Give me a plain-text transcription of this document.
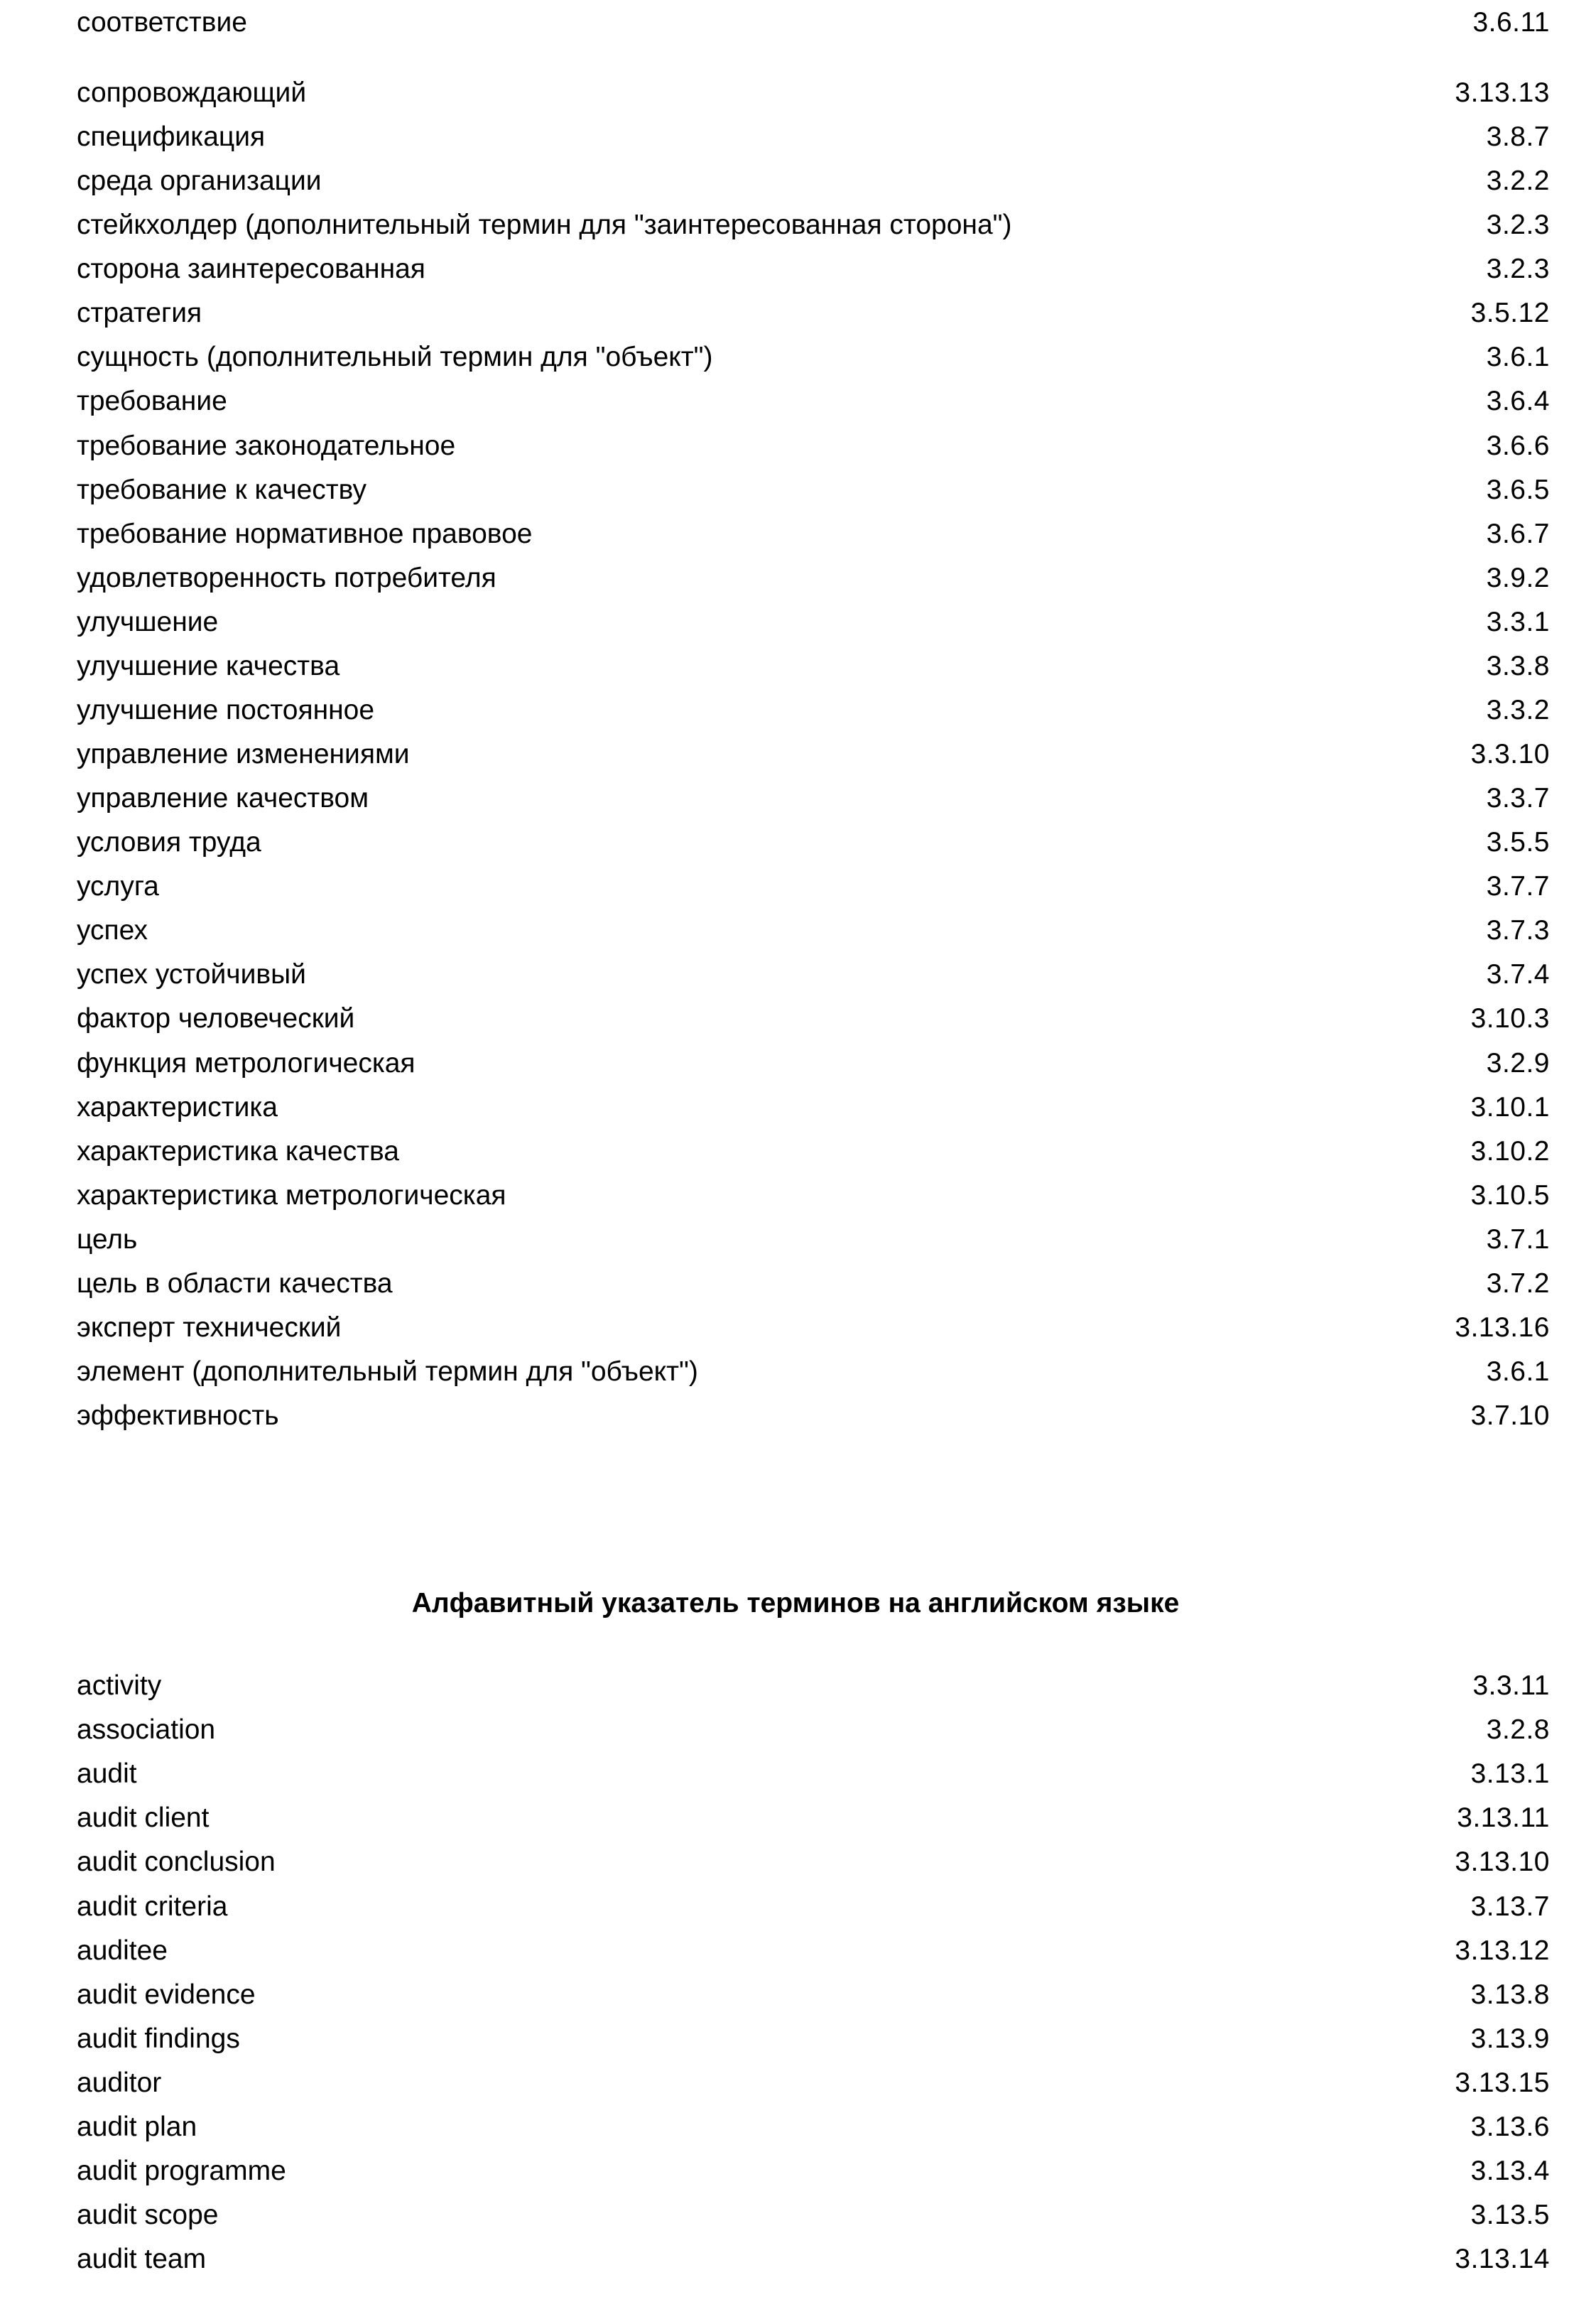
соответствие	3.6.11
сопровождающий	3.13.13
спецификация	3.8.7
среда организации	3.2.2
стейкхолдер (дополнительный термин для "заинтересованная сторона")	3.2.3
сторона заинтересованная	3.2.3
стратегия	3.5.12
сущность (дополнительный термин для "объект")	3.6.1
требование	3.6.4
требование законодательное	3.6.6
требование к качеству	3.6.5
требование нормативное правовое	3.6.7
удовлетворенность потребителя	3.9.2
улучшение	3.3.1
улучшение качества	3.3.8
улучшение постоянное	3.3.2
управление изменениями	3.3.10
управление качеством	3.3.7
условия труда	3.5.5
услуга	3.7.7
успех	3.7.3
успех устойчивый	3.7.4
фактор человеческий	3.10.3
функция метрологическая	3.2.9
характеристика	3.10.1
характеристика качества	3.10.2
характеристика метрологическая	3.10.5
цель	3.7.1
цель в области качества	3.7.2
эксперт технический	3.13.16
элемент (дополнительный термин для "объект")	3.6.1
эффективность	3.7.10
Алфавитный указатель терминов на английском языке
activity	3.3.11
association	3.2.8
audit	3.13.1
audit client	3.13.11
audit conclusion	3.13.10
audit criteria	3.13.7
auditee	3.13.12
audit evidence	3.13.8
audit findings	3.13.9
auditor	3.13.15
audit plan	3.13.6
audit programme	3.13.4
audit scope	3.13.5
audit team	3.13.14
